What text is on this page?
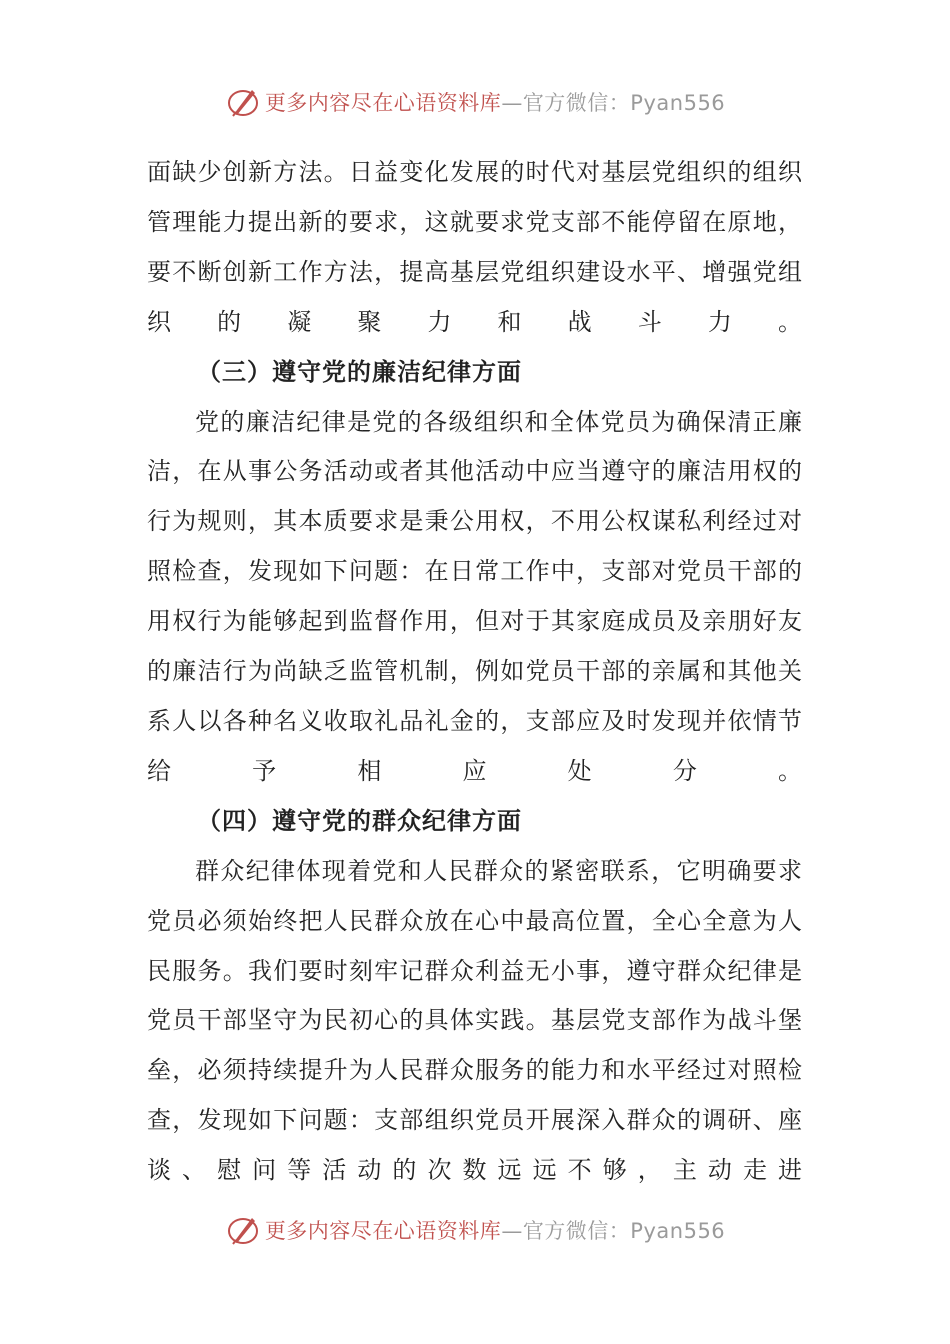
更多内容尽在心语资料库—官方微信：Pyan556

面缺少创新方法。日益变化发展的时代对基层党组织的组织管理能力提出新的要求，这就要求党支部不能停留在原地，要不断创新工作方法，提高基层党组织建设水平、增强党组织的凝聚力和战斗力。

（三）遵守党的廉洁纪律方面

党的廉洁纪律是党的各级组织和全体党员为确保清正廉洁，在从事公务活动或者其他活动中应当遵守的廉洁用权的行为规则，其本质要求是秉公用权，不用公权谋私利经过对照检查，发现如下问题：在日常工作中，支部对党员干部的用权行为能够起到监督作用，但对于其家庭成员及亲朋好友的廉洁行为尚缺乏监管机制，例如党员干部的亲属和其他关系人以各种名义收取礼品礼金的，支部应及时发现并依情节给予相应处分。

（四）遵守党的群众纪律方面

群众纪律体现着党和人民群众的紧密联系，它明确要求党员必须始终把人民群众放在心中最高位置，全心全意为人民服务。我们要时刻牢记群众利益无小事，遵守群众纪律是党员干部坚守为民初心的具体实践。基层党支部作为战斗堡垒，必须持续提升为人民群众服务的能力和水平经过对照检查，发现如下问题：支部组织党员开展深入群众的调研、座谈、慰问等活动的次数远远不够，主动走进

更多内容尽在心语资料库—官方微信：Pyan556
